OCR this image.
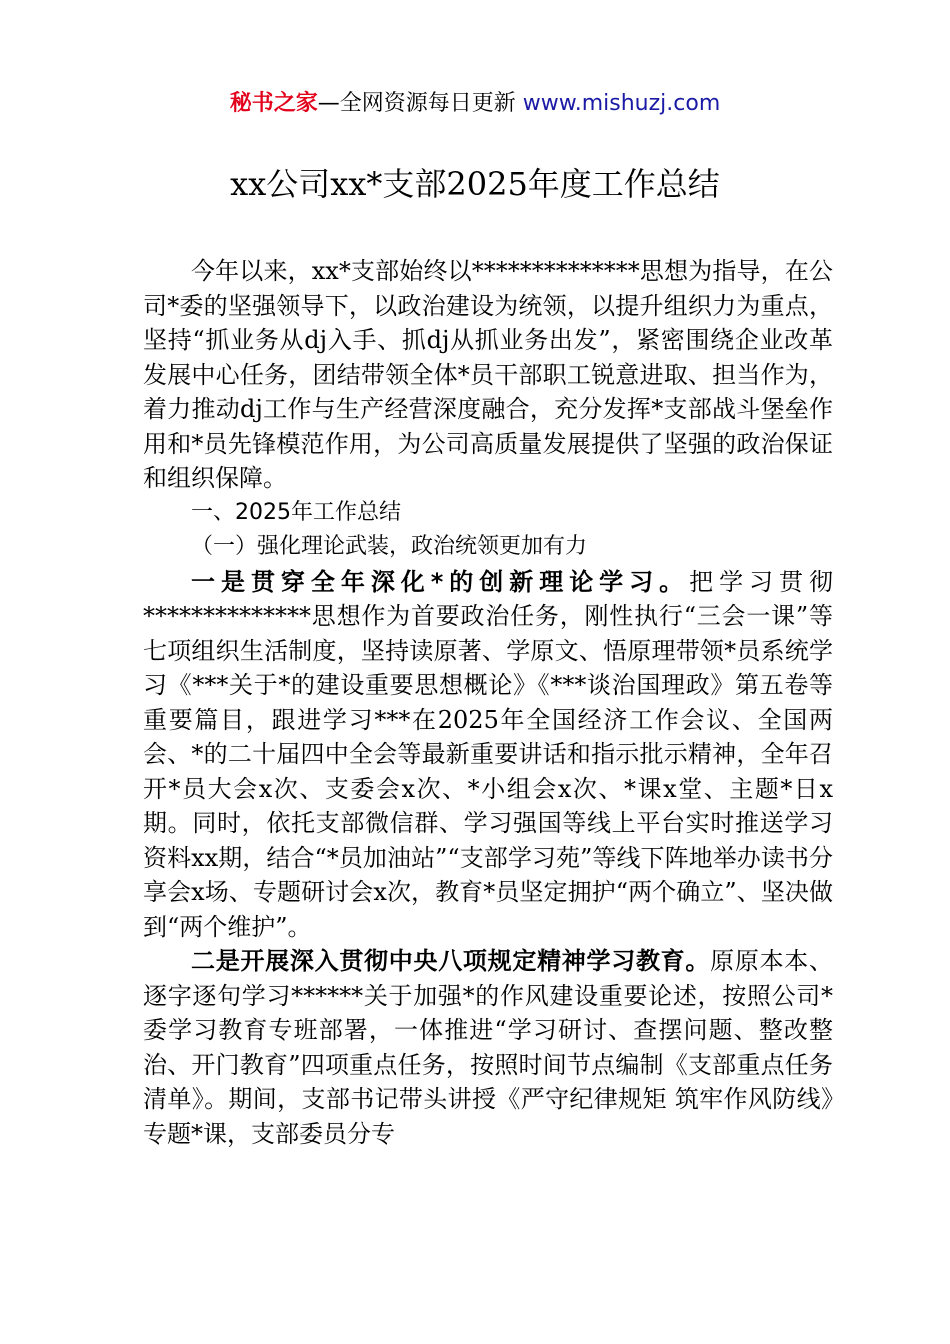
秘书之家—全网资源每日更新 www.mishuzj.com
xx公司xx*支部2025年度工作总结

今年以来，xx*支部始终以**************思想为指导，在公司*委的坚强领导下，以政治建设为统领，以提升组织力为重点，坚持“抓业务从dj入手、抓dj从抓业务出发”，紧密围绕企业改革发展中心任务，团结带领全体*员干部职工锐意进取、担当作为，着力推动dj工作与生产经营深度融合，充分发挥*支部战斗堡垒作用和*员先锋模范作用，为公司高质量发展提供了坚强的政治保证和组织保障。

一、2025年工作总结

（一）强化理论武装，政治统领更加有力

一是贯穿全年深化*的创新理论学习。把学习贯彻**************思想作为首要政治任务，刚性执行“三会一课”等七项组织生活制度，坚持读原著、学原文、悟原理带领*员系统学习《***关于*的建设重要思想概论》《***谈治国理政》第五卷等重要篇目，跟进学习***在2025年全国经济工作会议、全国两会、*的二十届四中全会等最新重要讲话和指示批示精神，全年召开*员大会x次、支委会x次、*小组会x次、*课x堂、主题*日x期。同时，依托支部微信群、学习强国等线上平台实时推送学习资料xx期，结合“*员加油站”“支部学习苑”等线下阵地举办读书分享会x场、专题研讨会x次，教育*员坚定拥护“两个确立”、坚决做到“两个维护”。

二是开展深入贯彻中央八项规定精神学习教育。原原本本、逐字逐句学习******关于加强*的作风建设重要论述，按照公司*委学习教育专班部署，一体推进“学习研讨、查摆问题、整改整治、开门教育”四项重点任务，按照时间节点编制《支部重点任务清单》。期间，支部书记带头讲授《严守纪律规矩 筑牢作风防线》专题*课，支部委员分专
